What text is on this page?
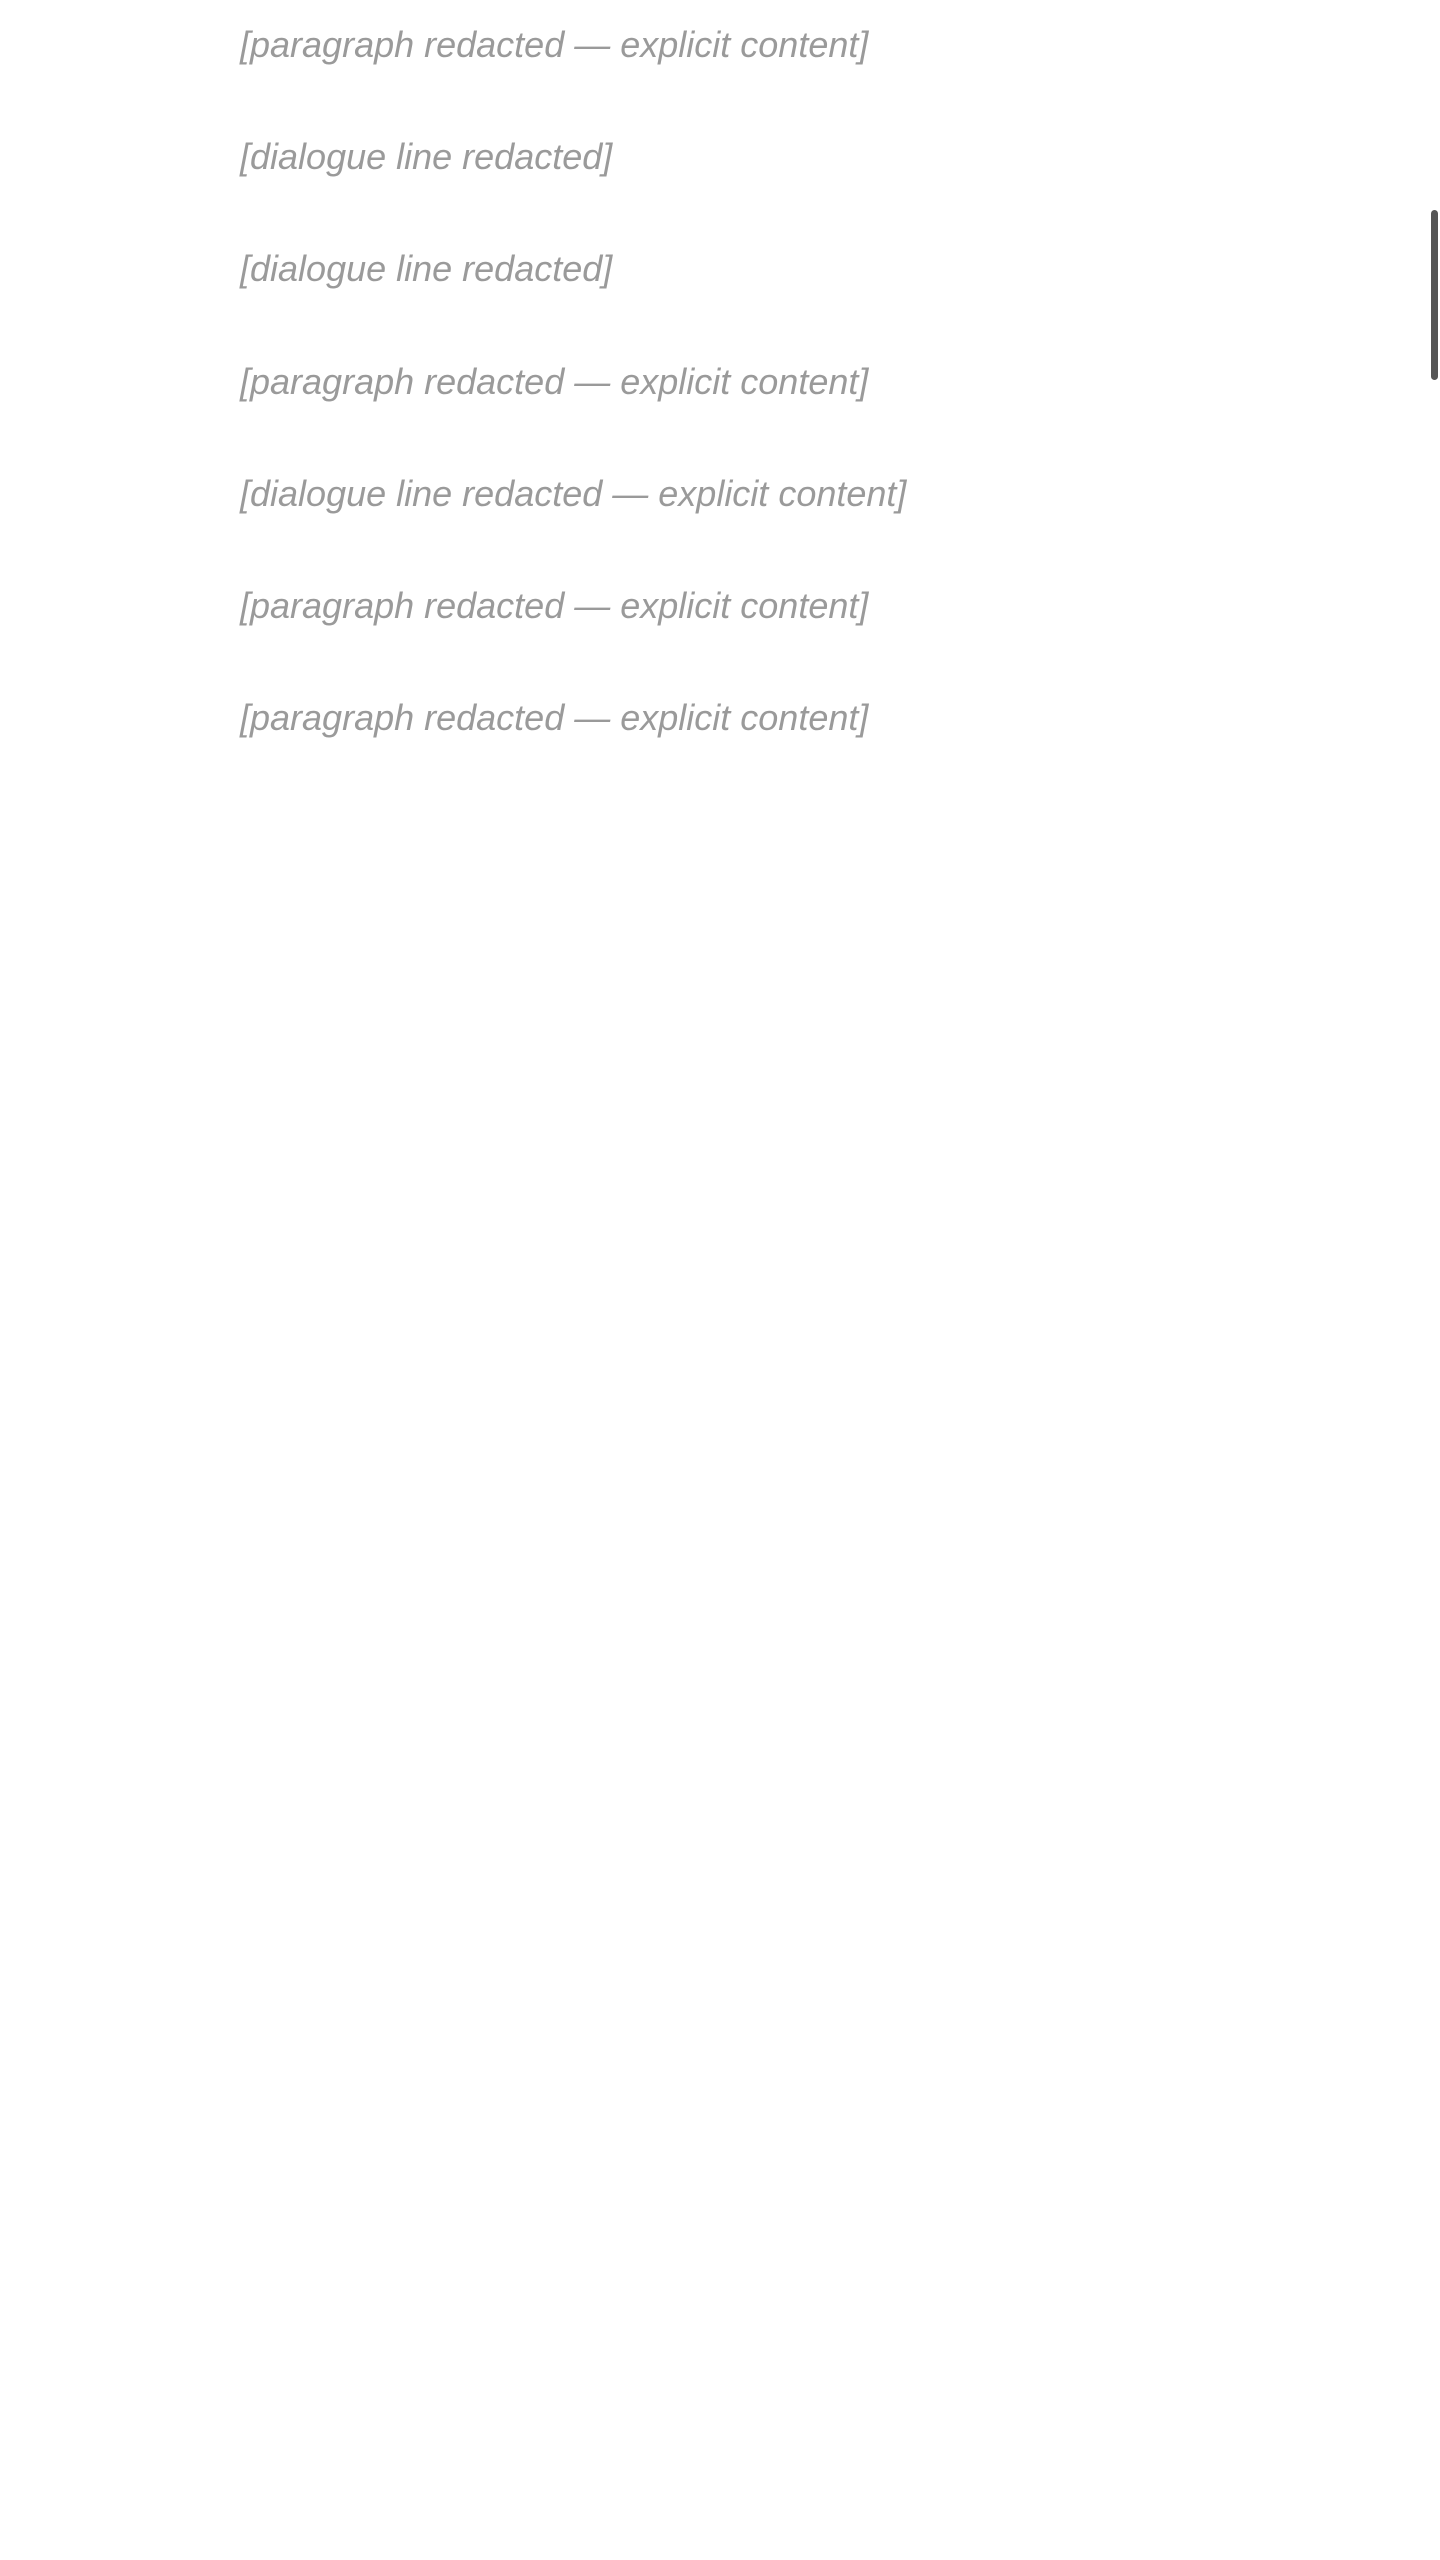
[paragraph redacted — explicit content]

[dialogue line redacted]

[dialogue line redacted]

[paragraph redacted — explicit content]

[dialogue line redacted — explicit content]

[paragraph redacted — explicit content]

[paragraph redacted — explicit content]
